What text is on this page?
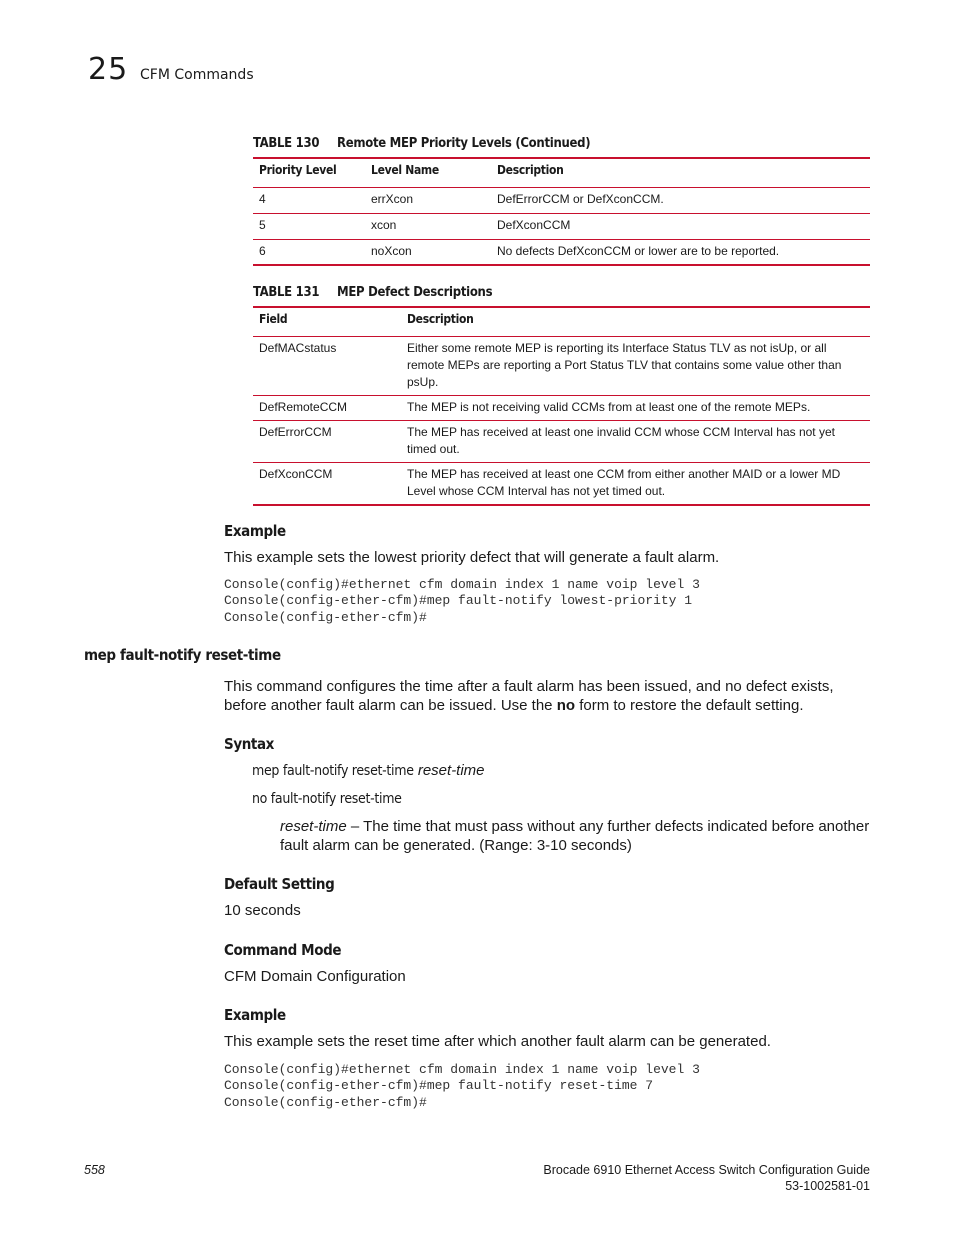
25 CFM Commands
TABLE 130 Remote MEP Priority Levels (Continued)
Priority Level	Level Name	Description
4	errXcon	DefErrorCCM or DefXconCCM.
5	xcon	DefXconCCM
6	noXcon	No defects DefXconCCM or lower are to be reported.
TABLE 131 MEP Defect Descriptions
Field	Description
DefMACstatus	Either some remote MEP is reporting its Interface Status TLV as not isUp, or all remote MEPs are reporting a Port Status TLV that contains some value other than psUp.
DefRemoteCCM	The MEP is not receiving valid CCMs from at least one of the remote MEPs.
DefErrorCCM	The MEP has received at least one invalid CCM whose CCM Interval has not yet timed out.
DefXconCCM	The MEP has received at least one CCM from either another MAID or a lower MD Level whose CCM Interval has not yet timed out.
Example
This example sets the lowest priority defect that will generate a fault alarm.
Console(config)#ethernet cfm domain index 1 name voip level 3
Console(config-ether-cfm)#mep fault-notify lowest-priority 1
Console(config-ether-cfm)#
mep fault-notify reset-time
This command configures the time after a fault alarm has been issued, and no defect exists, before another fault alarm can be issued. Use the no form to restore the default setting.
Syntax
mep fault-notify reset-time reset-time
no fault-notify reset-time
reset-time – The time that must pass without any further defects indicated before another fault alarm can be generated. (Range: 3-10 seconds)
Default Setting
10 seconds
Command Mode
CFM Domain Configuration
Example
This example sets the reset time after which another fault alarm can be generated.
Console(config)#ethernet cfm domain index 1 name voip level 3
Console(config-ether-cfm)#mep fault-notify reset-time 7
Console(config-ether-cfm)#
558	Brocade 6910 Ethernet Access Switch Configuration Guide
53-1002581-01
